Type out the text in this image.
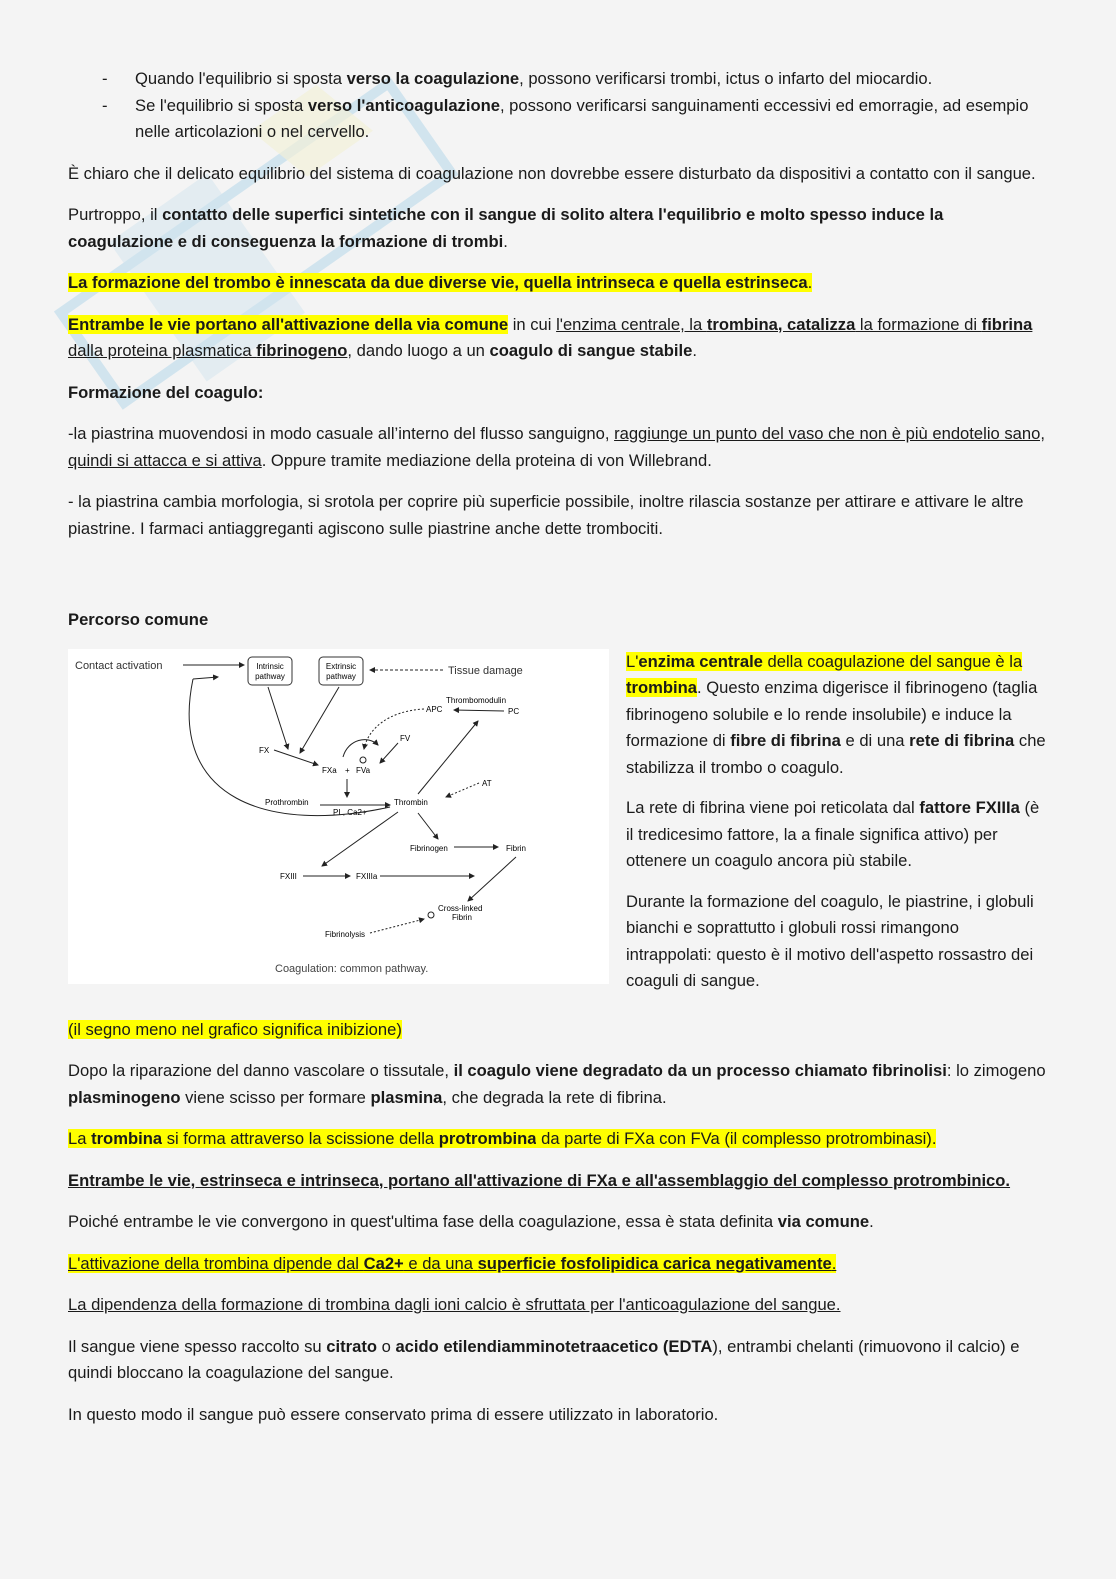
- Quando l'equilibrio si sposta verso la coagulazione, possono verificarsi trombi, ictus o infarto del miocardio.
- Se l'equilibrio si sposta verso l'anticoagulazione, possono verificarsi sanguinamenti eccessivi ed emorragie, ad esempio nelle articolazioni o nel cervello.

È chiaro che il delicato equilibrio del sistema di coagulazione non dovrebbe essere disturbato da dispositivi a contatto con il sangue.

Purtroppo, il contatto delle superfici sintetiche con il sangue di solito altera l'equilibrio e molto spesso induce la coagulazione e di conseguenza la formazione di trombi.

La formazione del trombo è innescata da due diverse vie, quella intrinseca e quella estrinseca.

Entrambe le vie portano all'attivazione della via comune in cui l'enzima centrale, la trombina, catalizza la formazione di fibrina dalla proteina plasmatica fibrinogeno, dando luogo a un coagulo di sangue stabile.

Formazione del coagulo:

-la piastrina muovendosi in modo casuale all’interno del flusso sanguigno, raggiunge un punto del vaso che non è più endotelio sano, quindi si attacca e si attiva. Oppure tramite mediazione della proteina di von Willebrand.

- la piastrina cambia morfologia, si srotola per coprire più superficie possibile, inoltre rilascia sostanze per attirare e attivare le altre piastrine. I farmaci antiaggreganti agiscono sulle piastrine anche dette trombociti.

Percorso comune

Contact activation	Intrinsic
pathway
Extrinsic
pathway	Tissue damage
Thrombomodulin
APC	PC
FV
FX
FXa + FVa
AT
Prothrombin
PL, Ca2+
Thrombin
Fibrinogen	Fibrin
FXIII	FXIIIa
Cross-linked
Fibrin
Fibrinolysis
Coagulation: common pathway.

L'enzima centrale della coagulazione del sangue è la trombina. Questo enzima digerisce il fibrinogeno (taglia fibrinogeno solubile e lo rende insolubile) e induce la formazione di fibre di fibrina e di una rete di fibrina che stabilizza il trombo o coagulo.

La rete di fibrina viene poi reticolata dal fattore FXIIIa (è il tredicesimo fattore, la a finale significa attivo) per ottenere un coagulo ancora più stabile.

Durante la formazione del coagulo, le piastrine, i globuli bianchi e soprattutto i globuli rossi rimangono intrappolati: questo è il motivo dell'aspetto rossastro dei coaguli di sangue.

(il segno meno nel grafico significa inibizione)

Dopo la riparazione del danno vascolare o tissutale, il coagulo viene degradato da un processo chiamato fibrinolisi: lo zimogeno plasminogeno viene scisso per formare plasmina, che degrada la rete di fibrina.

La trombina si forma attraverso la scissione della protrombina da parte di FXa con FVa (il complesso protrombinasi).

Entrambe le vie, estrinseca e intrinseca, portano all'attivazione di FXa e all'assemblaggio del complesso protrombinico.

Poiché entrambe le vie convergono in quest'ultima fase della coagulazione, essa è stata definita via comune.

L'attivazione della trombina dipende dal Ca2+ e da una superficie fosfolipidica carica negativamente.

La dipendenza della formazione di trombina dagli ioni calcio è sfruttata per l'anticoagulazione del sangue.

Il sangue viene spesso raccolto su citrato o acido etilendiamminotetraacetico (EDTA), entrambi chelanti (rimuovono il calcio) e quindi bloccano la coagulazione del sangue.

In questo modo il sangue può essere conservato prima di essere utilizzato in laboratorio.
